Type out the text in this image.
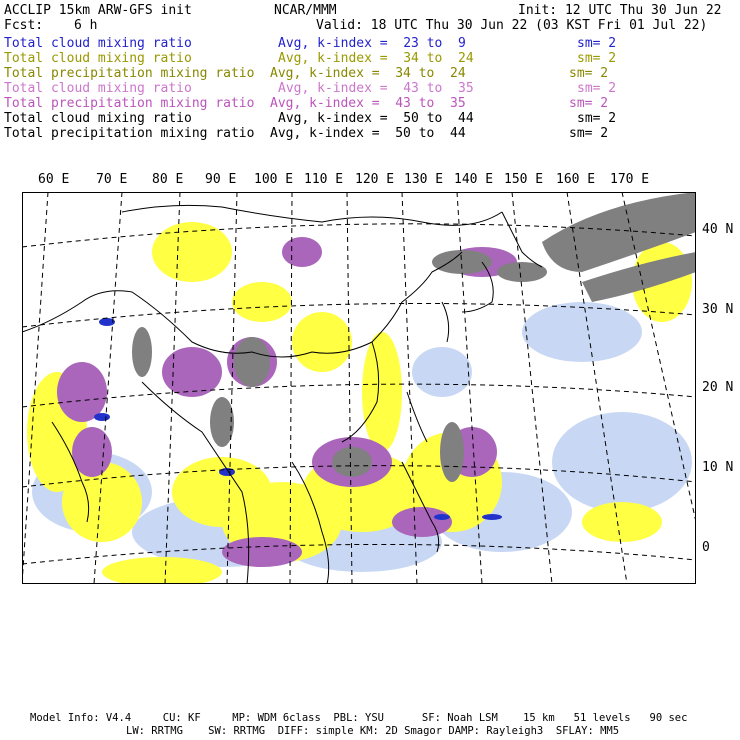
ACCLIP 15km ARW-GFS init	NCAR/MMM	Init: 12 UTC Thu 30 Jun 22
Fcst: 6 h	Valid: 18 UTC Thu 30 Jun 22 (03 KST Fri 01 Jul 22)
Total cloud mixing ratio	Avg, k-index =  23 to  9	sm= 2
Total cloud mixing ratio	Avg, k-index =  34 to  24	sm= 2
Total precipitation mixing ratio Avg, k-index =  34 to  24	sm= 2
Total cloud mixing ratio	Avg, k-index =  43 to  35	sm= 2
Total precipitation mixing ratio Avg, k-index =  43 to  35	sm= 2
Total cloud mixing ratio	Avg, k-index =  50 to  44	sm= 2
Total precipitation mixing ratio Avg, k-index =  50 to  44	sm= 2
60 E 70 E 80 E 90 E 100 E 110 E 120 E 130 E 140 E 150 E 160 E 170 E
40 N
30 N
20 N
10 N
0
Model Info: V4.4     CU: KF     MP: WDM 6class  PBL: YSU      SF: Noah LSM    15 km   51 levels   90 sec
LW: RRTMG    SW: RRTMG  DIFF: simple KM: 2D Smagor DAMP: Rayleigh3  SFLAY: MM5
